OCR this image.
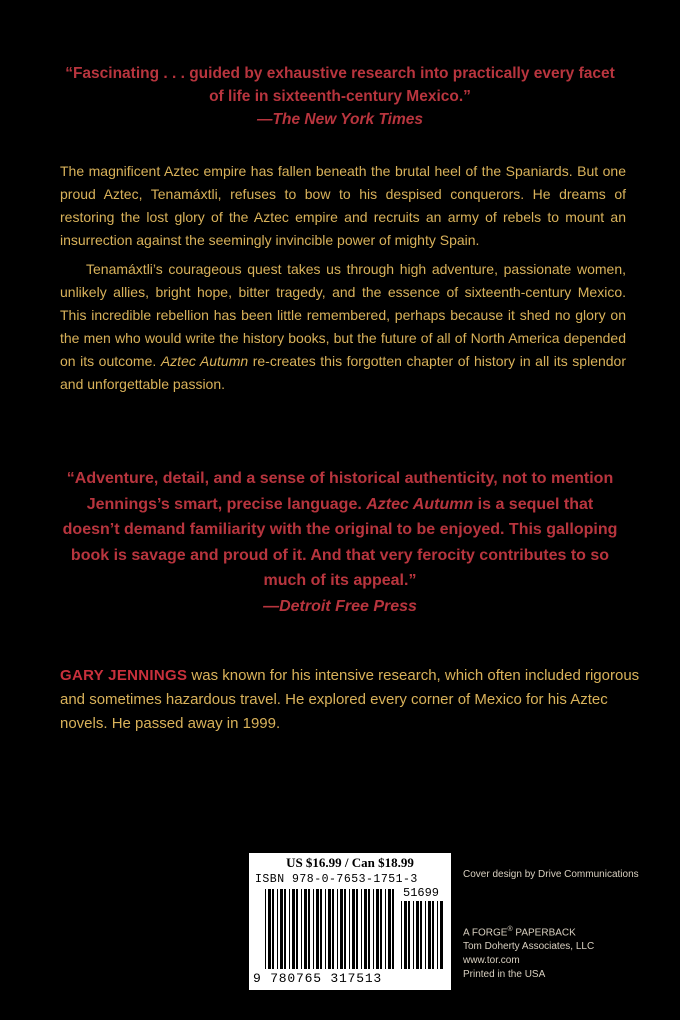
“Fascinating . . . guided by exhaustive research into practically every facet of life in sixteenth-century Mexico.”
—The New York Times

The magnificent Aztec empire has fallen beneath the brutal heel of the Spaniards. But one proud Aztec, Tenamáxtli, refuses to bow to his despised conquerors. He dreams of restoring the lost glory of the Aztec empire and recruits an army of rebels to mount an insurrection against the seemingly invincible power of mighty Spain.

Tenamáxtli’s courageous quest takes us through high adventure, passionate women, unlikely allies, bright hope, bitter tragedy, and the essence of sixteenth-century Mexico. This incredible rebellion has been little remembered, perhaps because it shed no glory on the men who would write the history books, but the future of all of North America depended on its outcome. Aztec Autumn re-creates this forgotten chapter of history in all its splendor and unforgettable passion.

“Adventure, detail, and a sense of historical authenticity, not to mention Jennings’s smart, precise language. Aztec Autumn is a sequel that doesn’t demand familiarity with the original to be enjoyed. This galloping book is savage and proud of it. And that very ferocity contributes to so much of its appeal.”
—Detroit Free Press
GARY JENNINGS was known for his intensive research, which often included rigorous and sometimes hazardous travel. He explored every corner of Mexico for his Aztec novels. He passed away in 1999.
US $16.99 / Can $18.99
ISBN 978-0-7653-1751-3
51699
9 780765 317513
Cover design by Drive Communications
A FORGE® PAPERBACK
Tom Doherty Associates, LLC
www.tor.com
Printed in the USA
